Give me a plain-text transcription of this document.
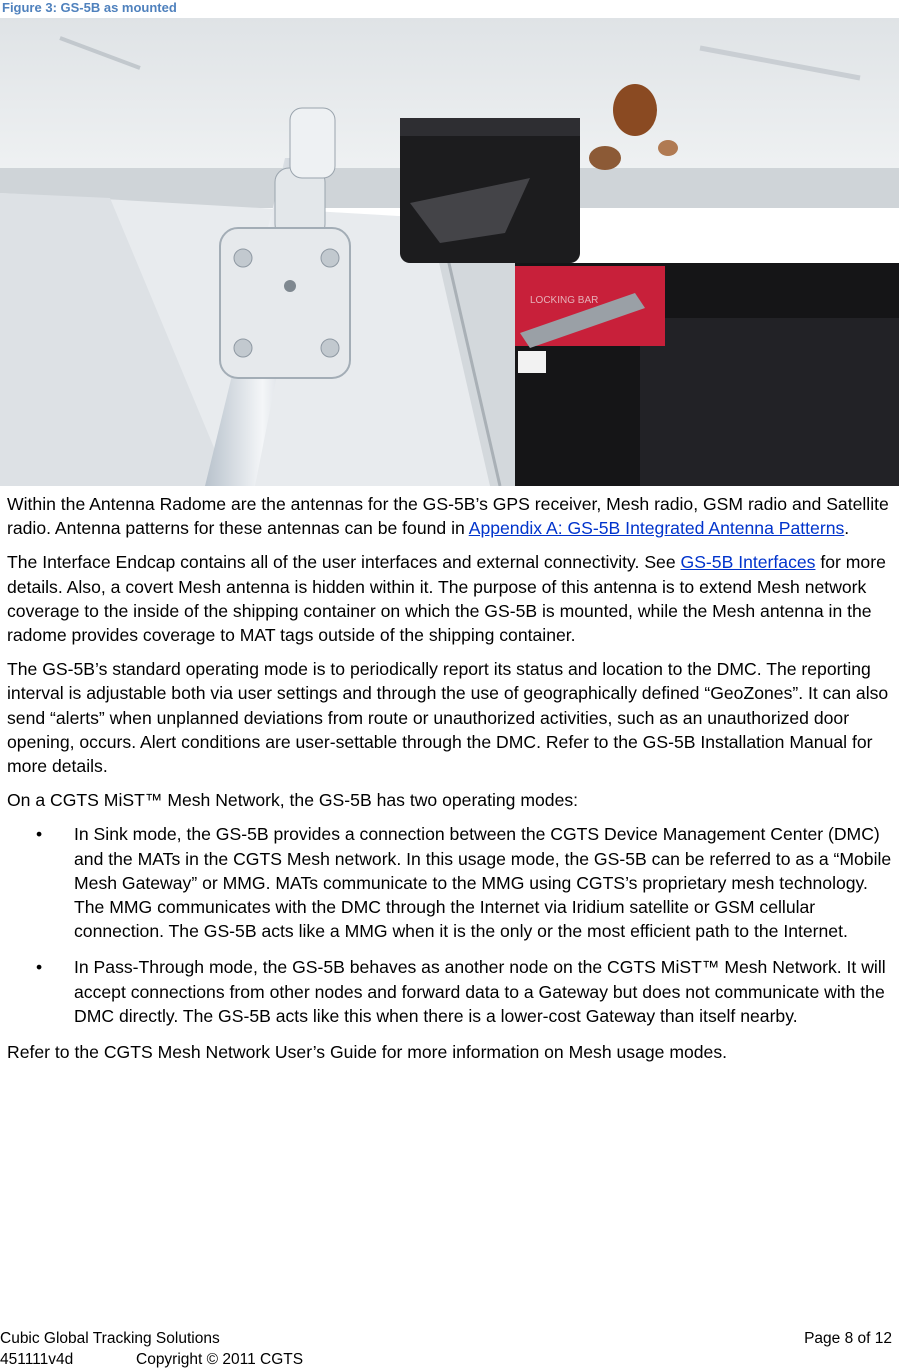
Figure 3: GS-5B as mounted
LOCKING BAR

Within the Antenna Radome are the antennas for the GS-5B’s GPS receiver, Mesh radio, GSM radio and Satellite radio. Antenna patterns for these antennas can be found in Appendix A: GS-5B Integrated Antenna Patterns.

The Interface Endcap contains all of the user interfaces and external connectivity. See GS-5B Interfaces for more details. Also, a covert Mesh antenna is hidden within it. The purpose of this antenna is to extend Mesh network coverage to the inside of the shipping container on which the GS-5B is mounted, while the Mesh antenna in the radome provides coverage to MAT tags outside of the shipping container.

The GS-5B’s standard operating mode is to periodically report its status and location to the DMC. The reporting interval is adjustable both via user settings and through the use of geographically defined “GeoZones”. It can also send “alerts” when unplanned deviations from route or unauthorized activities, such as an unauthorized door opening, occurs. Alert conditions are user-settable through the DMC. Refer to the GS-5B Installation Manual for more details.

On a CGTS MiST™ Mesh Network, the GS-5B has two operating modes:

• In Sink mode, the GS-5B provides a connection between the CGTS Device Management Center (DMC) and the MATs in the CGTS Mesh network. In this usage mode, the GS-5B can be referred to as a “Mobile Mesh Gateway” or MMG. MATs communicate to the MMG using CGTS’s proprietary mesh technology. The MMG communicates with the DMC through the Internet via Iridium satellite or GSM cellular connection. The GS-5B acts like a MMG when it is the only or the most efficient path to the Internet.
• In Pass-Through mode, the GS-5B behaves as another node on the CGTS MiST™ Mesh Network. It will accept connections from other nodes and forward data to a Gateway but does not communicate with the DMC directly. The GS-5B acts like this when there is a lower-cost Gateway than itself nearby.

Refer to the CGTS Mesh Network User’s Guide for more information on Mesh usage modes.

Cubic Global Tracking Solutions	Page 8 of 12
451111v4d	Copyright © 2011 CGTS
